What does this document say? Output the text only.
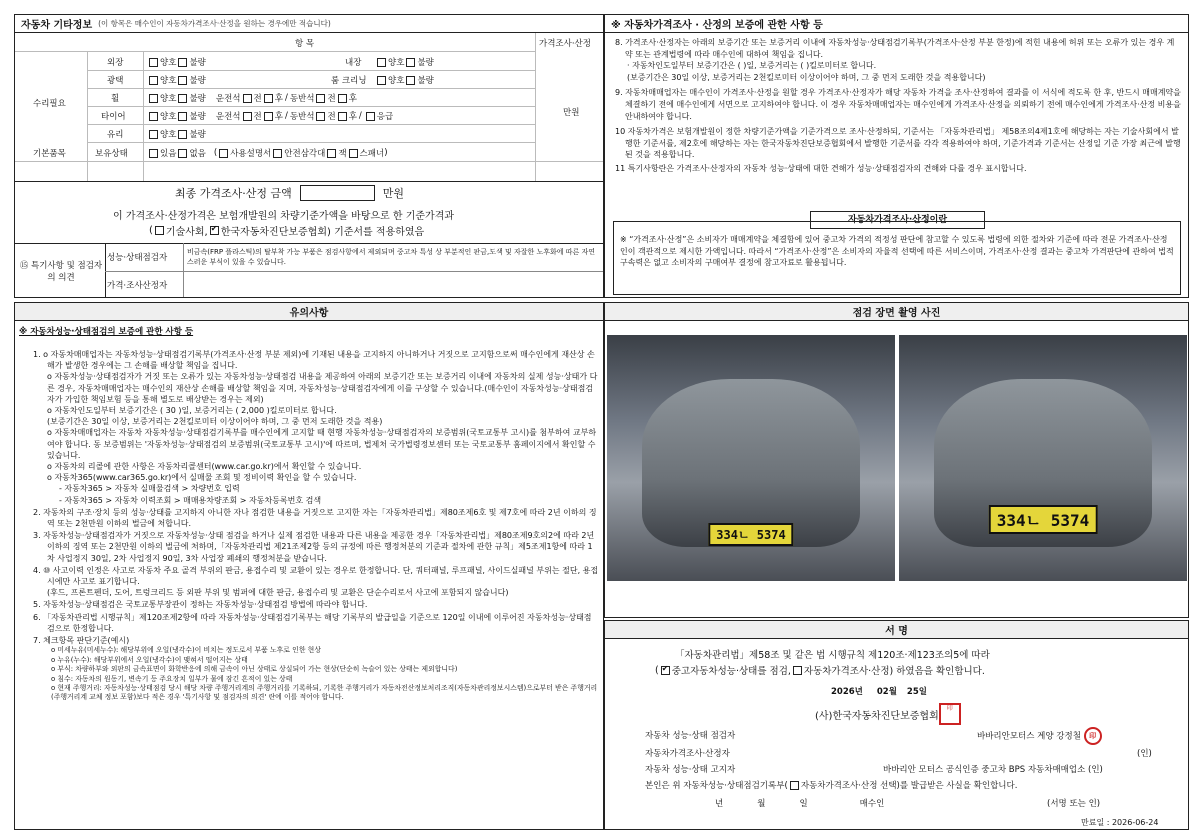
자동차 기타정보 (이 항목은 매수인이 자동차가격조사·산정을 원하는 경우에만 적습니다)
항 목	가격조사·산정
수리필요
만원
외장	양호 불량	내장	양호 불량
광택	양호 불량	룸 크리닝	양호 불량
휠	양호 불량 운전석 전 후 / 동반석 전 후
타이어	양호 불량 운전석 전 후 / 동반석 전 후 / 응급
유리	양호 불량
기본품목	보유상태	있음 없음 ( 사용설명서 안전삼각대 잭 스패너 )
최종 가격조사·산정 금액	만원
이 가격조사·산정가격은 보험개발원의 차량기준가액을 바탕으로 한 기준가격과
( 기술사회, ✔ 한국자동차진단보증협회) 기준서를 적용하였음
⑮ 특기사항 및 점검자의 의견
성능·상태점검자
비금속(FRP 플라스틱)의 탈부착 가능 부품은 점검사항에서 제외되며 중고차 특성 상 부분적인 판금,도색 및 자잘한 노후화에 따른 자연스러운 부식이 있을 수 있습니다.
가격·조사산정자
※ 자동차가격조사 · 산정의 보증에 관한 사항 등

8. 가격조사·산정자는 아래의 보증기간 또는 보증거리 이내에 자동차성능·상태점검기록부(가격조사·산정 부분 한정)에 적힌 내용에 허위 또는 오류가 있는 경우 계약 또는 관계법령에 따라 매수인에 대하여 책임을 집니다.

· 자동차인도일부터 보증기간은 ( )일, 보증거리는 ( )킬로미터로 합니다.

(보증기간은 30일 이상, 보증거리는 2천킬로미터 이상이어야 하며, 그 중 먼저 도래한 것을 적용합니다)

9. 자동차매매업자는 매수인이 가격조사·산정을 원할 경우 가격조사·산정자가 해당 자동차 가격을 조사·산정하여 결과를 이 서식에 적도록 한 후, 반드시 매매계약을 체결하기 전에 매수인에게 서면으로 고지하여야 합니다. 이 경우 자동차매매업자는 매수인에게 가격조사·산정을 의뢰하기 전에 매수인에게 가격조사·산정 비용을 안내하여야 합니다.

10 자동차가격은 보험개발원이 정한 차량기준가액을 기준가격으로 조사·산정하되, 기준서는 「자동차관리법」 제58조의4제1호에 해당하는 자는 기술사회에서 발행한 기준서를, 제2호에 해당하는 자는 한국자동차진단보증협회에서 발행한 기준서를 각각 적용하여야 하며, 기준가격과 기준서는 산정일 기준 가장 최근에 발행된 것을 적용합니다.

11 특기사항란은 가격조사·산정자의 자동차 성능·상태에 대한 견해가 성능·상태점검자의 견해와 다를 경우 표시합니다.

자동차가격조사·산정이란
※ “가격조사·산정”은 소비자가 매매계약을 체결함에 있어 중고차 가격의 적정성 판단에 참고할 수 있도록 법령에 의한 절차와 기준에 따라 전문 가격조사·산정인이 객관적으로 제시한 가액입니다. 따라서 “가격조사·산정”은 소비자의 자율적 선택에 따른 서비스이며, 가격조사·산정 결과는 중고차 가격판단에 관하여 법적 구속력은 없고 소비자의 구매여부 결정에 참고자료로 활용됩니다.
유의사항
※ 자동차성능·상태점검의 보증에 관한 사항 등

1. o 자동차매매업자는 자동차성능·상태점검기록부(가격조사·산정 부분 제외)에 기재된 내용을 고지하지 아니하거나 거짓으로 고지함으로써 매수인에게 재산상 손해가 발생한 경우에는 그 손해를 배상할 책임을 집니다.

o 자동차성능·상태점검자가 거짓 또는 오류가 있는 자동차성능·상태점검 내용을 제공하여 아래의 보증기간 또는 보증거리 이내에 자동차의 실제 성능·상태가 다른 경우, 자동차매매업자는 매수인의 재산상 손해를 배상할 책임을 지며, 자동차성능·상태점검자에게 이를 구상할 수 있습니다.(매수인이 자동차성능·상태점검자가 가입한 책임보험 등을 통해 별도로 배상받는 경우는 제외)

o 자동차인도일부터 보증기간은 ( 30 )일, 보증거리는 ( 2,000 )킬로미터로 합니다.

(보증기간은 30일 이상, 보증거리는 2천킬로미터 이상이어야 하며, 그 중 먼저 도래한 것을 적용)

o 자동차매매업자는 자동차 자동차성능·상태점검기록부를 매수인에게 고지할 때 현행 자동차성능·상태점검자의 보증범위(국토교통부 고시)를 첨부하여 교부하여야 합니다. 동 보증범위는 '자동차성능·상태점검의 보증범위(국토교통부 고시)'에 따르며, 법제처 국가법령정보센터 또는 국토교통부 홈페이지에서 확인할 수 있습니다.

o 자동차의 리콜에 관한 사항은 자동차리콜센터(www.car.go.kr)에서 확인할 수 있습니다.

o 자동차365(www.car365.go.kr)에서 실매물 조회 및 정비이력 확인을 할 수 있습니다.

- 자동차365 > 자동차 실매물검색 > 차량번호 입력

- 자동차365 > 자동차 이력조회 > 매매용차량조회 > 자동차등록번호 검색

2. 자동차의 구조·장치 등의 성능·상태를 고지하지 아니한 자나 점검한 내용을 거짓으로 고지한 자는「자동차관리법」제80조제6호 및 제7호에 따라 2년 이하의 징역 또는 2천만원 이하의 벌금에 처합니다.

3. 자동차성능·상태점검자가 거짓으로 자동차성능·상태 점검을 하거나 실제 점검한 내용과 다른 내용을 제공한 경우「자동차관리법」제80조제9호의2에 따라 2년 이하의 징역 또는 2천만원 이하의 벌금에 처하며,「자동차관리법 제21조제2항 등의 규정에 따른 행정처분의 기준과 절차에 관한 규칙」제5조제1항에 따라 1차 사업정지 30일, 2차 사업정지 90일, 3차 사업장 폐쇄의 행정처분을 받습니다.

4. ⑩ 사고이력 인정은 사고로 자동차 주요 골격 부위의 판금, 용접수리 및 교환이 있는 경우로 한정합니다. 단, 쿼터패널, 루프패널, 사이드실패널 부위는 절단, 용접 시에만 사고로 표기합니다.

(후드, 프론트펜더, 도어, 트렁크리드 등 외판 부위 및 범퍼에 대한 판금, 용접수리 및 교환은 단순수리로서 사고에 포함되지 않습니다)

5. 자동차성능·상태점검은 국토교통부장관이 정하는 자동차성능·상태점검 방법에 따라야 합니다.

6. 「자동차관리법 시행규칙」제120조제2항에 따라 자동차성능·상태점검기록부는 해당 기록부의 발급일을 기준으로 120일 이내에 이루어진 자동차성능·상태점검으로 한정합니다.

7. 체크항목 판단기준(예시)

o 미세누유(미세누수): 해당부위에 오일(냉각수)이 비치는 정도로서 부품 노후로 인한 현상

o 누유(누수): 해당부위에서 오일(냉각수)이 맺혀서 떨어지는 상태

o 부식: 차량하부와 외판의 금속표면이 화학반응에 의해 금속이 아닌 상태로 상실되어 가는 현상(단순히 녹슬어 있는 상태는 제외합니다)

o 침수: 자동차의 원동기, 변속기 등 주요장치 일부가 물에 잠긴 흔적이 있는 상태

o 현재 주행거리: 자동차성능·상태점검 당시 해당 차량 주행거리계의 주행거리를 기록하되, 기록한 주행거리가 자동차전산정보처리조직(자동차관리정보시스템)으로부터 받은 주행거리(주행거리계 교체 정보 포함)보다 적은 경우 '특기사항 및 점검자의 의견' 란에 이를 적어야 합니다.

점검 장면 촬영 사진
334ㄴ 5374
334ㄴ 5374
서 명
「자동차관리법」제58조 및 같은 법 시행규칙 제120조·제123조의5에 따라
( ✔ 중고자동차성능·상태를 점검, 자동차가격조사·산정) 하였음을 확인합니다.
2026년 02월 25일
(사)한국자동차진단보증협회
印
자동차 성능·상태 점검자	바바리안모터스 계양 강정철 印
자동차가격조사·산정자	(인)
자동차 성능·상태 고지자	바바리안 모터스 공식인증 중고차 BPS 자동차매매업소 (인)
본인은 위 자동차성능·상태점검기록부( 자동차가격조사·산정 선택)를 발급받은 사실을 확인합니다.
년	월	일	매수인	(서명 또는 인)
만료일 : 2026-06-24
